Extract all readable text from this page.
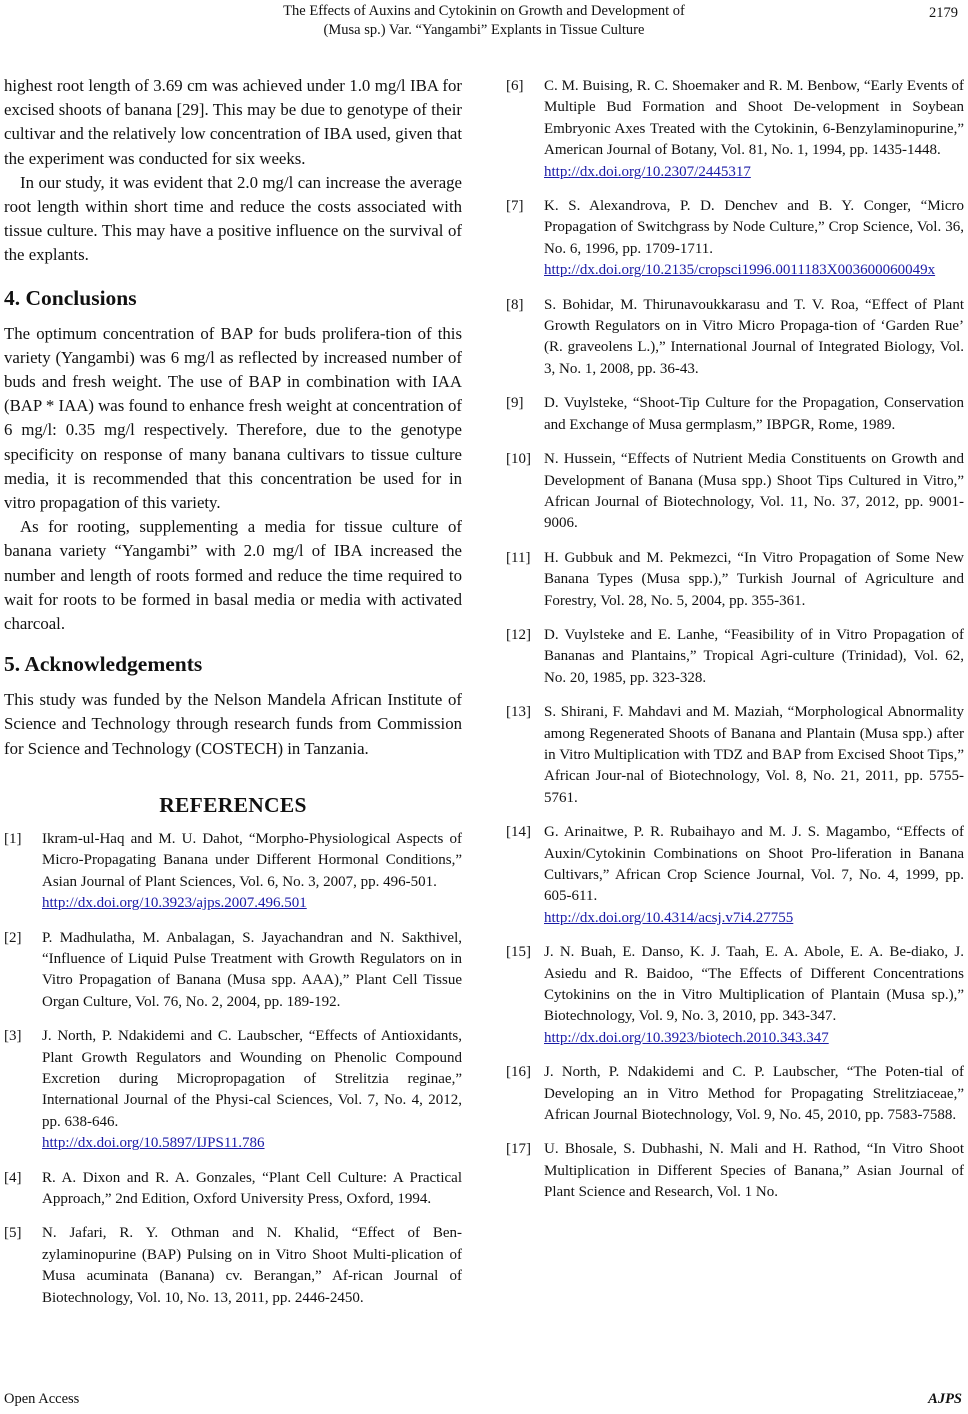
The Effects of Auxins and Cytokinin on Growth and Development of
(Musa sp.) Var. “Yangambi” Explants in Tissue Culture
2179

highest root length of 3.69 cm was achieved under 1.0 mg/l IBA for excised shoots of banana [29]. This may be due to genotype of their cultivar and the relatively low concentration of IBA used, given that the experiment was conducted for six weeks.

In our study, it was evident that 2.0 mg/l can increase the average root length within short time and reduce the costs associated with tissue culture. This may have a positive influence on the survival of the explants.

4. Conclusions

The optimum concentration of BAP for buds prolifera-tion of this variety (Yangambi) was 6 mg/l as reflected by increased number of buds and fresh weight. The use of BAP in combination with IAA (BAP * IAA) was found to enhance fresh weight at concentration of 6 mg/l: 0.35 mg/l respectively. Therefore, due to the genotype specificity on response of many banana cultivars to tissue culture media, it is recommended that this concentration be used for in vitro propagation of this variety.

As for rooting, supplementing a media for tissue culture of banana variety “Yangambi” with 2.0 mg/l of IBA increased the number and length of roots formed and reduce the time required to wait for roots to be formed in basal media or media with activated charcoal.

5. Acknowledgements

This study was funded by the Nelson Mandela African Institute of Science and Technology through research funds from Commission for Science and Technology (COSTECH) in Tanzania.

REFERENCES
[1] Ikram-ul-Haq and M. U. Dahot, “Morpho-Physiological Aspects of Micro-Propagating Banana under Different Hormonal Conditions,” Asian Journal of Plant Sciences, Vol. 6, No. 3, 2007, pp. 496-501.
http://dx.doi.org/10.3923/ajps.2007.496.501
[2] P. Madhulatha, M. Anbalagan, S. Jayachandran and N. Sakthivel, “Influence of Liquid Pulse Treatment with Growth Regulators on in Vitro Propagation of Banana (Musa spp. AAA),” Plant Cell Tissue Organ Culture, Vol. 76, No. 2, 2004, pp. 189-192.
[3] J. North, P. Ndakidemi and C. Laubscher, “Effects of Antioxidants, Plant Growth Regulators and Wounding on Phenolic Compound Excretion during Micropropagation of Strelitzia reginae,” International Journal of the Physi-cal Sciences, Vol. 7, No. 4, 2012, pp. 638-646.
http://dx.doi.org/10.5897/IJPS11.786
[4] R. A. Dixon and R. A. Gonzales, “Plant Cell Culture: A Practical Approach,” 2nd Edition, Oxford University Press, Oxford, 1994.
[5] N. Jafari, R. Y. Othman and N. Khalid, “Effect of Ben-zylaminopurine (BAP) Pulsing on in Vitro Shoot Multi-plication of Musa acuminata (Banana) cv. Berangan,” Af-rican Journal of Biotechnology, Vol. 10, No. 13, 2011, pp. 2446-2450.
[6] C. M. Buising, R. C. Shoemaker and R. M. Benbow, “Early Events of Multiple Bud Formation and Shoot De-velopment in Soybean Embryonic Axes Treated with the Cytokinin, 6-Benzylaminopurine,” American Journal of Botany, Vol. 81, No. 1, 1994, pp. 1435-1448.
http://dx.doi.org/10.2307/2445317
[7] K. S. Alexandrova, P. D. Denchev and B. Y. Conger, “Micro Propagation of Switchgrass by Node Culture,” Crop Science, Vol. 36, No. 6, 1996, pp. 1709-1711.
http://dx.doi.org/10.2135/cropsci1996.0011183X003600060049x
[8] S. Bohidar, M. Thirunavoukkarasu and T. V. Roa, “Effect of Plant Growth Regulators on in Vitro Micro Propaga-tion of ‘Garden Rue’ (R. graveolens L.),” International Journal of Integrated Biology, Vol. 3, No. 1, 2008, pp. 36-43.
[9] D. Vuylsteke, “Shoot-Tip Culture for the Propagation, Conservation and Exchange of Musa germplasm,” IBPGR, Rome, 1989.
[10] N. Hussein, “Effects of Nutrient Media Constituents on Growth and Development of Banana (Musa spp.) Shoot Tips Cultured in Vitro,” African Journal of Biotechnology, Vol. 11, No. 37, 2012, pp. 9001-9006.
[11] H. Gubbuk and M. Pekmezci, “In Vitro Propagation of Some New Banana Types (Musa spp.),” Turkish Journal of Agriculture and Forestry, Vol. 28, No. 5, 2004, pp. 355-361.
[12] D. Vuylsteke and E. Lanhe, “Feasibility of in Vitro Propagation of Bananas and Plantains,” Tropical Agri-culture (Trinidad), Vol. 62, No. 20, 1985, pp. 323-328.
[13] S. Shirani, F. Mahdavi and M. Maziah, “Morphological Abnormality among Regenerated Shoots of Banana and Plantain (Musa spp.) after in Vitro Multiplication with TDZ and BAP from Excised Shoot Tips,” African Jour-nal of Biotechnology, Vol. 8, No. 21, 2011, pp. 5755-5761.
[14] G. Arinaitwe, P. R. Rubaihayo and M. J. S. Magambo, “Effects of Auxin/Cytokinin Combinations on Shoot Pro-liferation in Banana Cultivars,” African Crop Science Journal, Vol. 7, No. 4, 1999, pp. 605-611.
http://dx.doi.org/10.4314/acsj.v7i4.27755
[15] J. N. Buah, E. Danso, K. J. Taah, E. A. Abole, E. A. Be-diako, J. Asiedu and R. Baidoo, “The Effects of Different Concentrations Cytokinins on the in Vitro Multiplication of Plantain (Musa sp.),” Biotechnology, Vol. 9, No. 3, 2010, pp. 343-347.
http://dx.doi.org/10.3923/biotech.2010.343.347
[16] J. North, P. Ndakidemi and C. P. Laubscher, “The Poten-tial of Developing an in Vitro Method for Propagating Strelitziaceae,” African Journal Biotechnology, Vol. 9, No. 45, 2010, pp. 7583-7588.
[17] U. Bhosale, S. Dubhashi, N. Mali and H. Rathod, “In Vitro Shoot Multiplication in Different Species of Banana,” Asian Journal of Plant Science and Research, Vol. 1 No.
Open Access	AJPS
